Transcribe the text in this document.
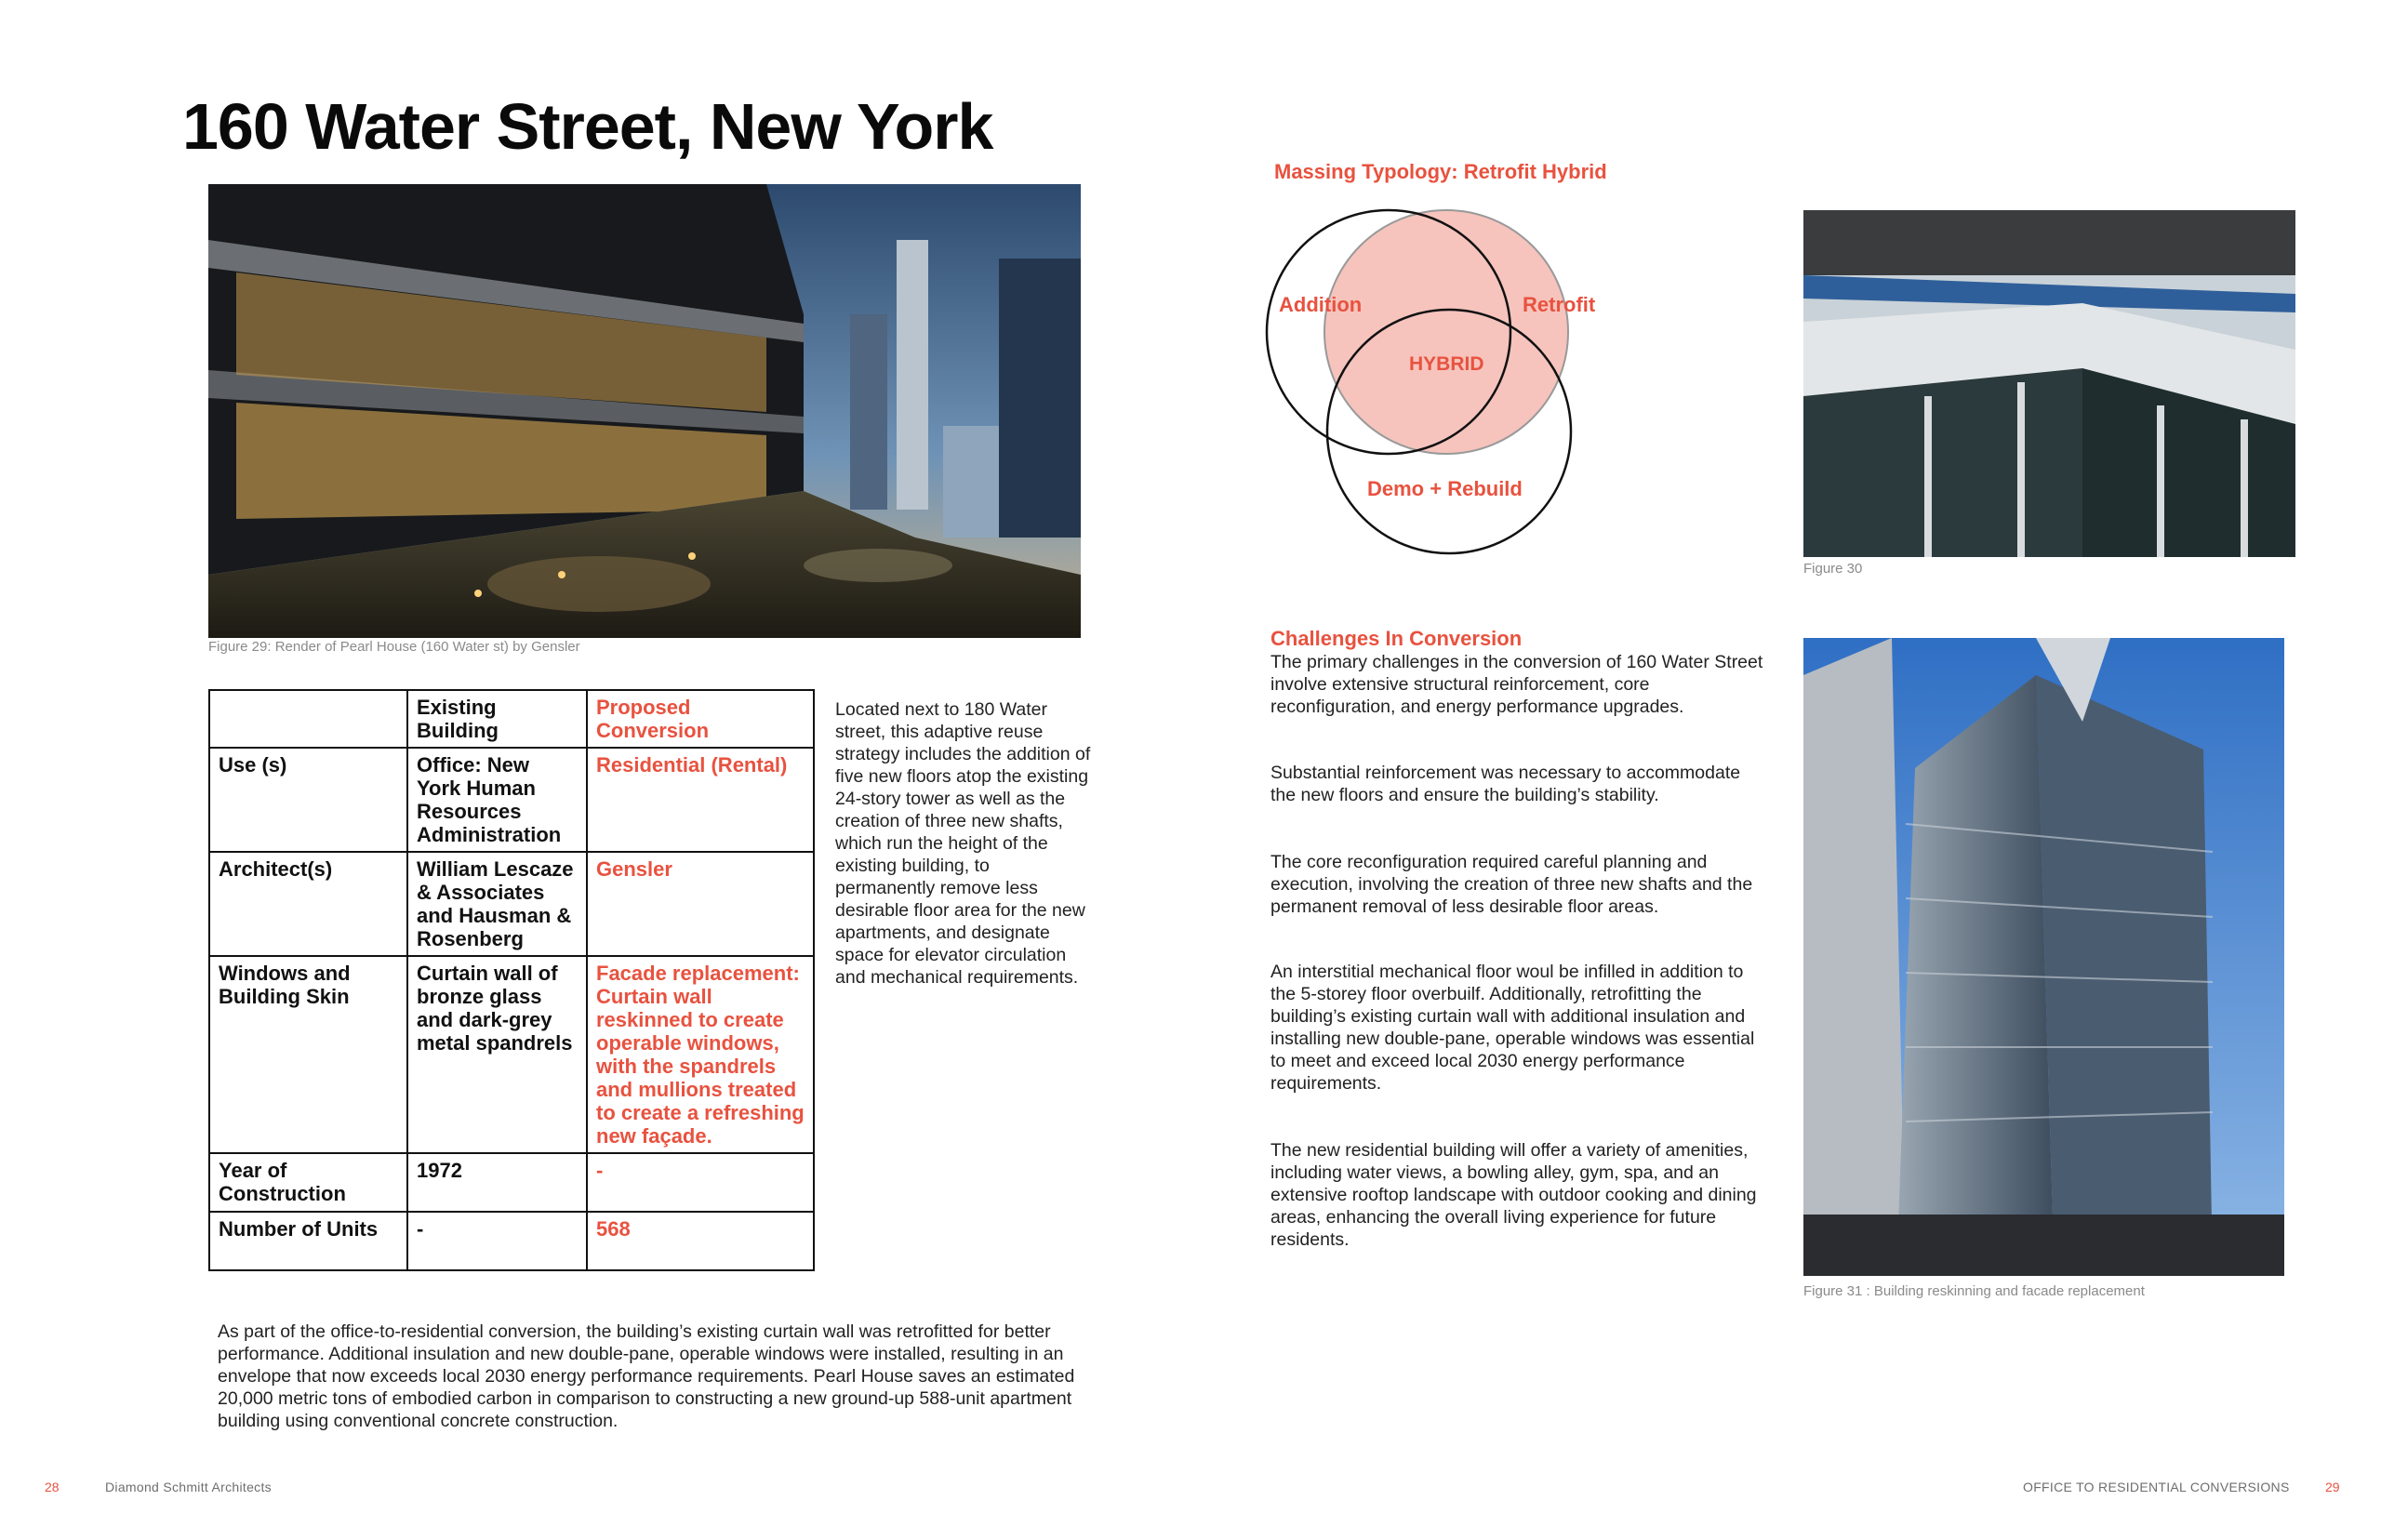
160 Water Street, New York
Figure 29: Render of Pearl House (160 Water st) by Gensler
	Existing Building	Proposed Conversion
Use (s)	Office: New York Human Resources Administration	Residential (Rental)
Architect(s)	William Lescaze & Associates and Hausman & Rosenberg	Gensler
Windows and Building Skin	Curtain wall of bronze glass and dark-grey metal spandrels	Facade replacement: Curtain wall reskinned to create operable windows, with the spandrels and mullions treated to create a refreshing new façade.
Year of Construction	1972	-
Number of Units	-	568
Located next to 180 Water street, this adaptive reuse strategy includes the addition of five new floors atop the existing 24-story tower as well as the creation of three new shafts, which run the height of the existing building, to permanently remove less desirable floor area for the new apartments, and designate space for elevator circulation and mechanical requirements.
As part of the office-to-residential conversion, the building’s existing curtain wall was retrofitted for better performance. Additional insulation and new double-pane, operable windows were installed, resulting in an envelope that now exceeds local 2030 energy performance requirements. Pearl House saves an estimated 20,000 metric tons of embodied carbon in comparison to constructing a new ground-up 588-unit apartment building using conventional concrete construction.
28	Diamond Schmitt Architects
Massing Typology: Retrofit Hybrid
Addition	Retrofit
HYBRID
Demo + Rebuild
Challenges In Conversion
The primary challenges in the conversion of 160 Water Street involve extensive structural reinforcement, core reconfiguration, and energy performance upgrades.
Substantial reinforcement was necessary to accommodate the new floors and ensure the building’s stability.
The core reconfiguration required careful planning and execution, involving the creation of three new shafts and the permanent removal of less desirable floor areas.
An interstitial mechanical floor woul be infilled in addition to the 5-storey floor overbuilf. Additionally, retrofitting the building’s existing curtain wall with additional insulation and installing new double-pane, operable windows was essential to meet and exceed local 2030 energy performance requirements.
The new residential building will offer a variety of amenities, including water views, a bowling alley, gym, spa, and an extensive rooftop landscape with outdoor cooking and dining areas, enhancing the overall living experience for future residents.
Figure 30
Figure 31 : Building reskinning and facade replacement
OFFICE TO RESIDENTIAL CONVERSIONS	29
